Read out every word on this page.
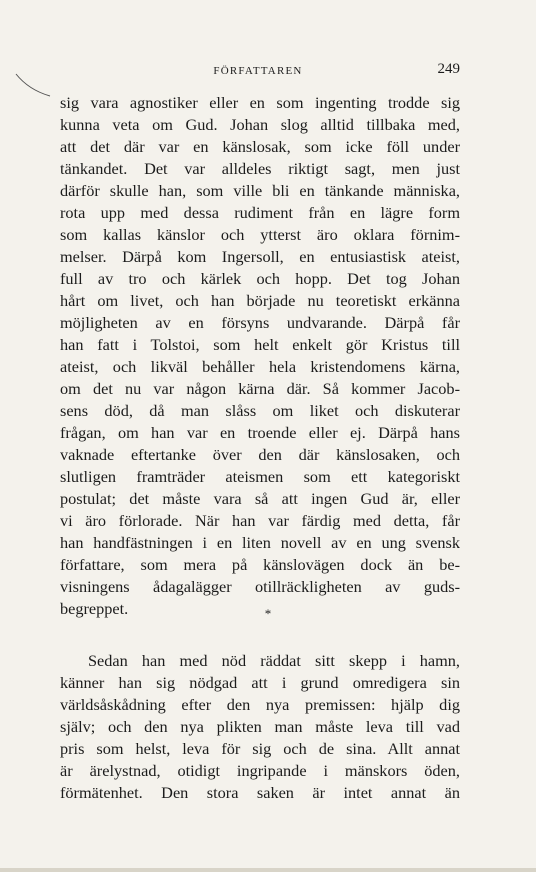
FÖRFATTAREN	249
sig vara agnostiker eller en som ingenting trodde sig
kunna veta om Gud. Johan slog alltid tillbaka med,
att det där var en känslosak, som icke föll under
tänkandet. Det var alldeles riktigt sagt, men just
därför skulle han, som ville bli en tänkande människa,
rota upp med dessa rudiment från en lägre form
som kallas känslor och ytterst äro oklara förnim-
melser. Därpå kom Ingersoll, en entusiastisk ateist,
full av tro och kärlek och hopp. Det tog Johan
hårt om livet, och han började nu teoretiskt erkänna
möjligheten av en försyns undvarande. Därpå får
han fatt i Tolstoi, som helt enkelt gör Kristus till
ateist, och likväl behåller hela kristendomens kärna,
om det nu var någon kärna där. Så kommer Jacob-
sens död, då man slåss om liket och diskuterar
frågan, om han var en troende eller ej. Därpå hans
vaknade eftertanke över den där känslosaken, och
slutligen framträder ateismen som ett kategoriskt
postulat; det måste vara så att ingen Gud är, eller
vi äro förlorade. När han var färdig med detta, får
han handfästningen i en liten novell av en ung svensk
författare, som mera på känslovägen dock än be-
visningens ådagalägger otillräckligheten av guds-
begreppet.	*
Sedan han med nöd räddat sitt skepp i hamn,
känner han sig nödgad att i grund omredigera sin
världsåskådning efter den nya premissen: hjälp dig
själv; och den nya plikten man måste leva till vad
pris som helst, leva för sig och de sina. Allt annat
är ärelystnad, otidigt ingripande i mänskors öden,
förmätenhet. Den stora saken är intet annat än
